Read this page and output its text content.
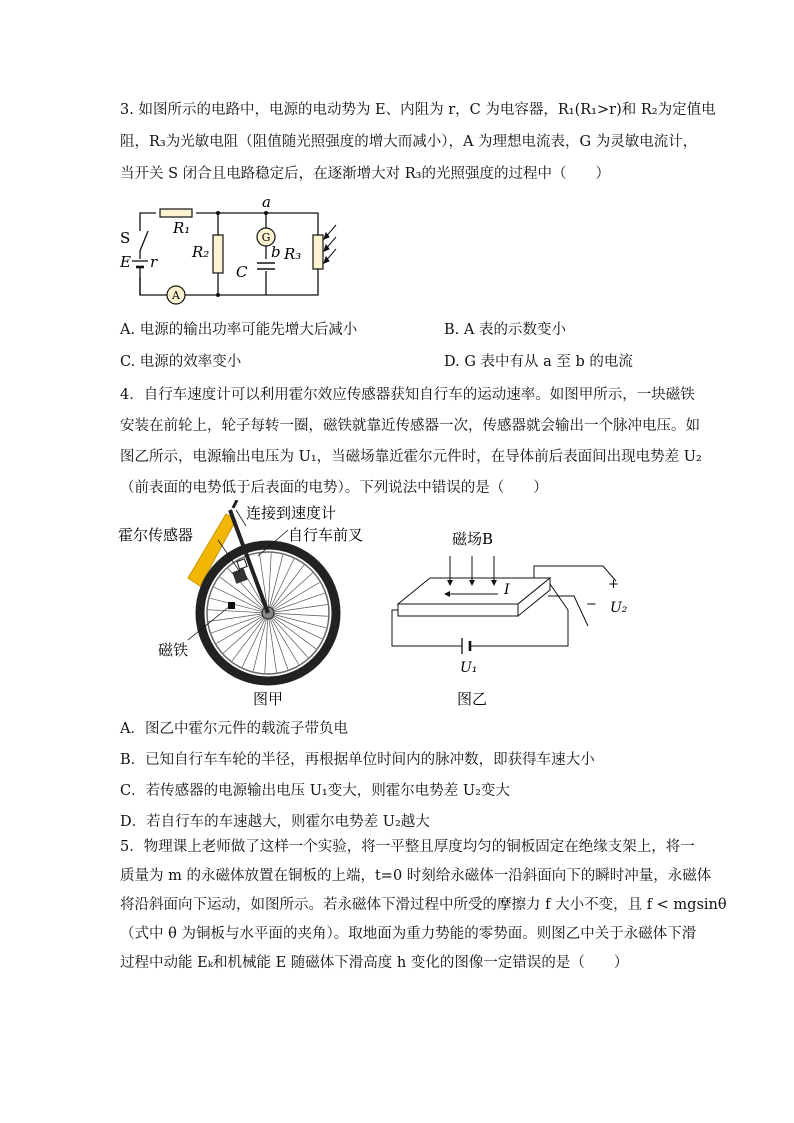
3. 如图所示的电路中，电源的电动势为 E、内阻为 r，C 为电容器，R₁(R₁>r)和 R₂为定值电
阻，R₃为光敏电阻（阻值随光照强度的增大而减小），A 为理想电流表，G 为灵敏电流计，
当开关 S 闭合且电路稳定后，在逐渐增大对 R₃的光照强度的过程中（　　）
A
G
a
b
R₁
R₂	R₃
S
E r
C
A. 电源的输出功率可能先增大后减小	B. A 表的示数变小
C. 电源的效率变小	D. G 表中有从 a 至 b 的电流
4．自行车速度计可以利用霍尔效应传感器获知自行车的运动速率。如图甲所示，一块磁铁
安装在前轮上，轮子每转一圈，磁铁就靠近传感器一次，传感器就会输出一个脉冲电压。如
图乙所示，电源输出电压为 U₁，当磁场靠近霍尔元件时，在导体前后表面间出现电势差 U₂
（前表面的电势低于后表面的电势）。下列说法中错误的是（　　）
连接到速度计
霍尔传感器	自行车前叉
磁铁
图甲
磁场B
I	+
− U₂
U₁
图乙
A．图乙中霍尔元件的载流子带负电
B．已知自行车车轮的半径，再根据单位时间内的脉冲数，即获得车速大小
C．若传感器的电源输出电压 U₁变大，则霍尔电势差 U₂变大
D．若自行车的车速越大，则霍尔电势差 U₂越大
5．物理课上老师做了这样一个实验，将一平整且厚度均匀的铜板固定在绝缘支架上，将一
质量为 m 的永磁体放置在铜板的上端，t=0 时刻给永磁体一沿斜面向下的瞬时冲量，永磁体
将沿斜面向下运动，如图所示。若永磁体下滑过程中所受的摩擦力 f 大小不变，且 f < mgsinθ
（式中 θ 为铜板与水平面的夹角）。取地面为重力势能的零势面。则图乙中关于永磁体下滑
过程中动能 Eₖ和机械能 E 随磁体下滑高度 h 变化的图像一定错误的是（　　）
